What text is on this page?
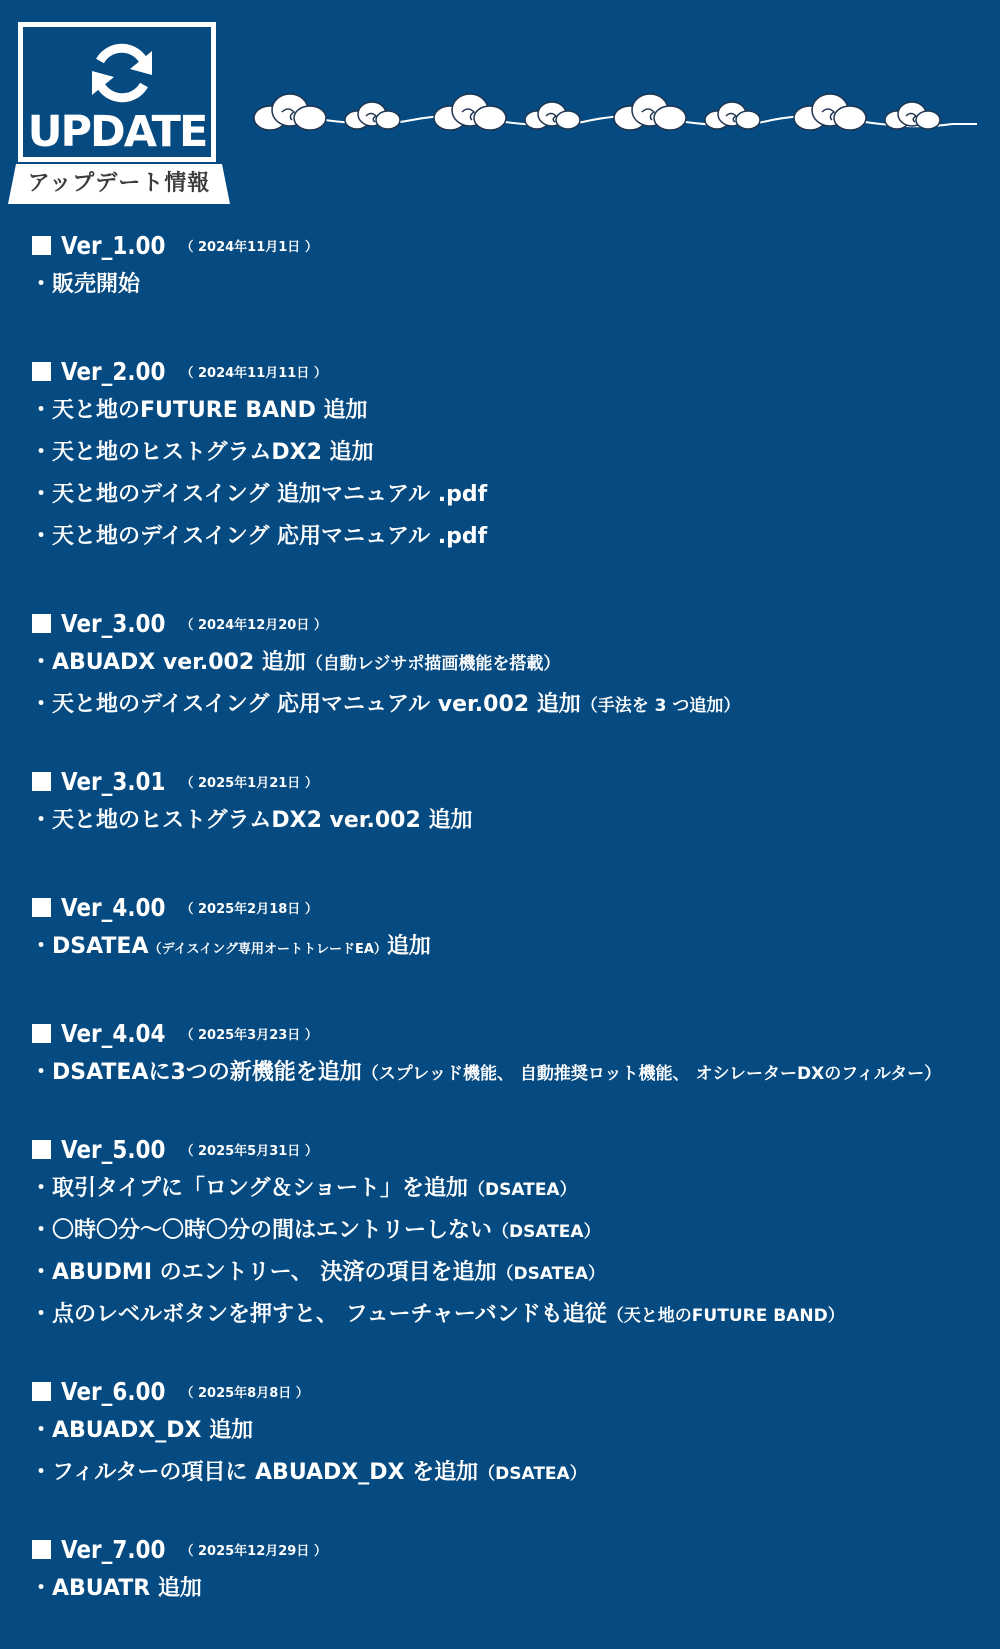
UPDATE
アップデート情報
Ver_1.00 （ 2024年11月1日 ）
・販売開始
Ver_2.00 （ 2024年11月11日 ）
・天と地のFUTURE BAND 追加
・天と地のヒストグラムDX2 追加
・天と地のデイスイング 追加マニュアル .pdf
・天と地のデイスイング 応用マニュアル .pdf
Ver_3.00 （ 2024年12月20日 ）
・ABUADX ver.002 追加（自動レジサポ描画機能を搭載）
・天と地のデイスイング 応用マニュアル ver.002 追加（手法を 3 つ追加）
Ver_3.01 （ 2025年1月21日 ）
・天と地のヒストグラムDX2 ver.002 追加
Ver_4.00 （ 2025年2月18日 ）
・DSATEA（デイスイング専用オートトレードEA）追加
Ver_4.04 （ 2025年3月23日 ）
・DSATEAに3つの新機能を追加（スプレッド機能、 自動推奨ロット機能、 オシレーターDXのフィルター）
Ver_5.00 （ 2025年5月31日 ）
・取引タイプに「ロング＆ショート」を追加（DSATEA）
・〇時〇分～〇時〇分の間はエントリーしない（DSATEA）
・ABUDMI のエントリー、 決済の項目を追加（DSATEA）
・点のレベルボタンを押すと、 フューチャーバンドも追従（天と地のFUTURE BAND）
Ver_6.00 （ 2025年8月8日 ）
・ABUADX_DX 追加
・フィルターの項目に ABUADX_DX を追加（DSATEA）
Ver_7.00 （ 2025年12月29日 ）
・ABUATR 追加
